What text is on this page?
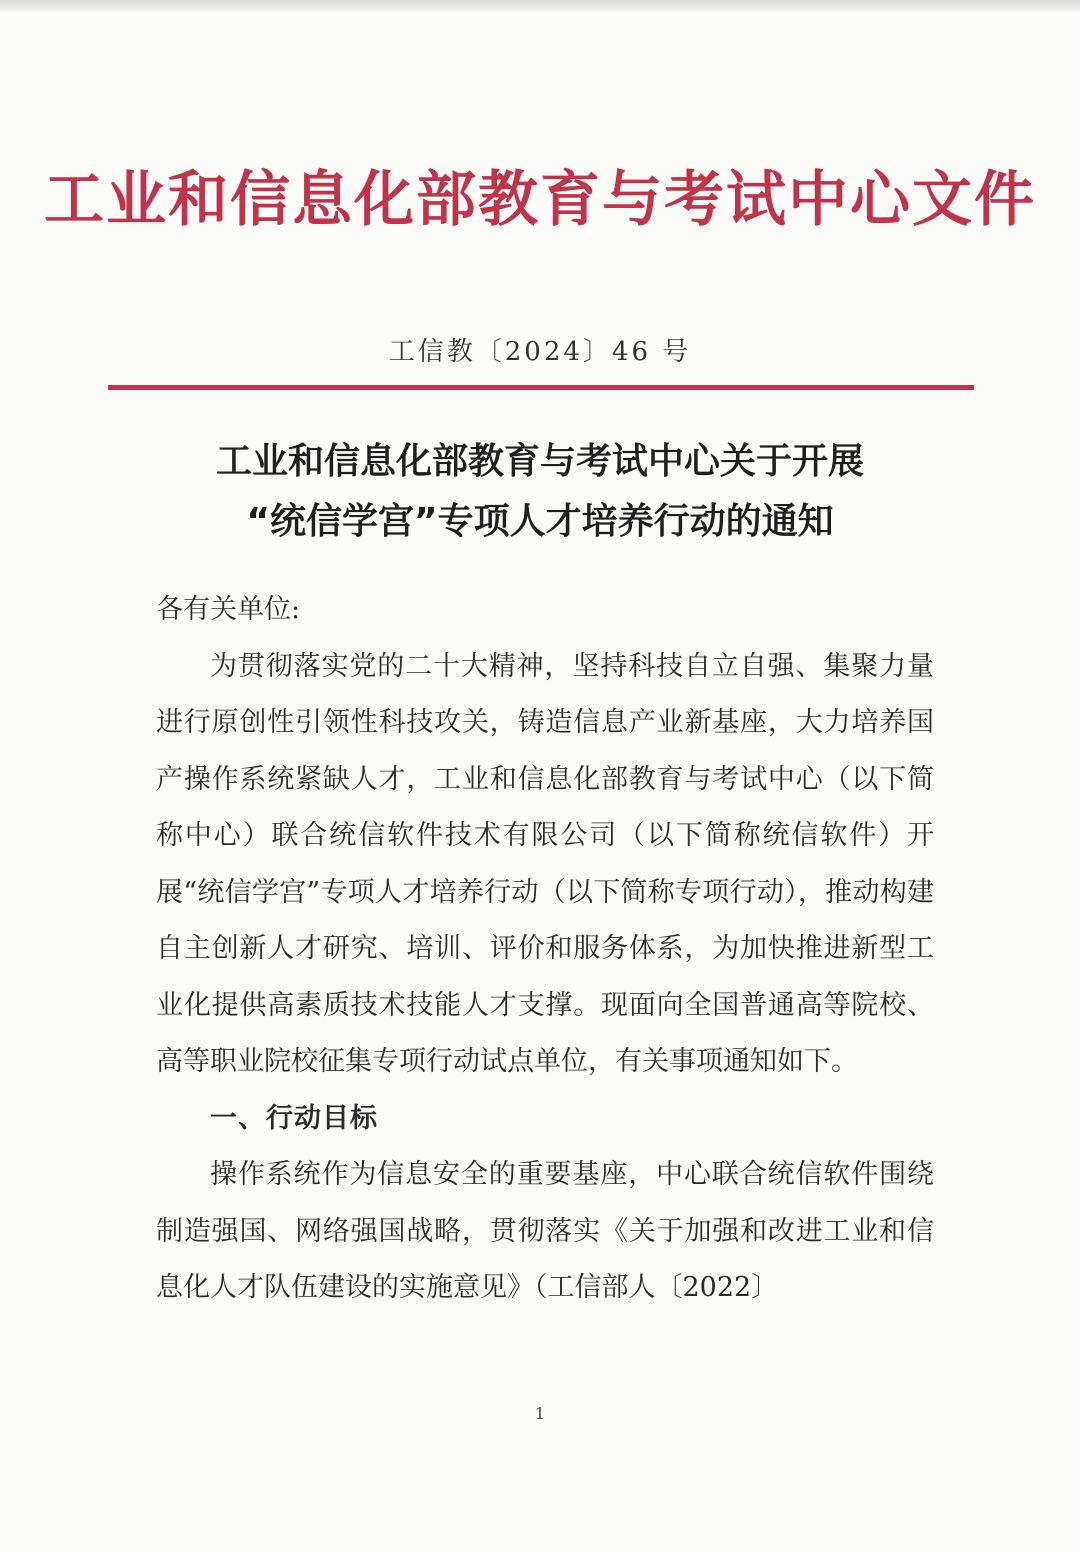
工业和信息化部教育与考试中心文件
工信教〔2024〕46 号
工业和信息化部教育与考试中心关于开展
“统信学宫”专项人才培养行动的通知

各有关单位:

为贯彻落实党的二十大精神，坚持科技自立自强、集聚力量进行原创性引领性科技攻关，铸造信息产业新基座，大力培养国产操作系统紧缺人才，工业和信息化部教育与考试中心（以下简称中心）联合统信软件技术有限公司（以下简称统信软件）开展“统信学宫”专项人才培养行动（以下简称专项行动），推动构建自主创新人才研究、培训、评价和服务体系，为加快推进新型工业化提供高素质技术技能人才支撑。现面向全国普通高等院校、高等职业院校征集专项行动试点单位，有关事项通知如下。

一、行动目标

操作系统作为信息安全的重要基座，中心联合统信软件围绕制造强国、网络强国战略，贯彻落实《关于加强和改进工业和信息化人才队伍建设的实施意见》（工信部人〔2022〕

1
